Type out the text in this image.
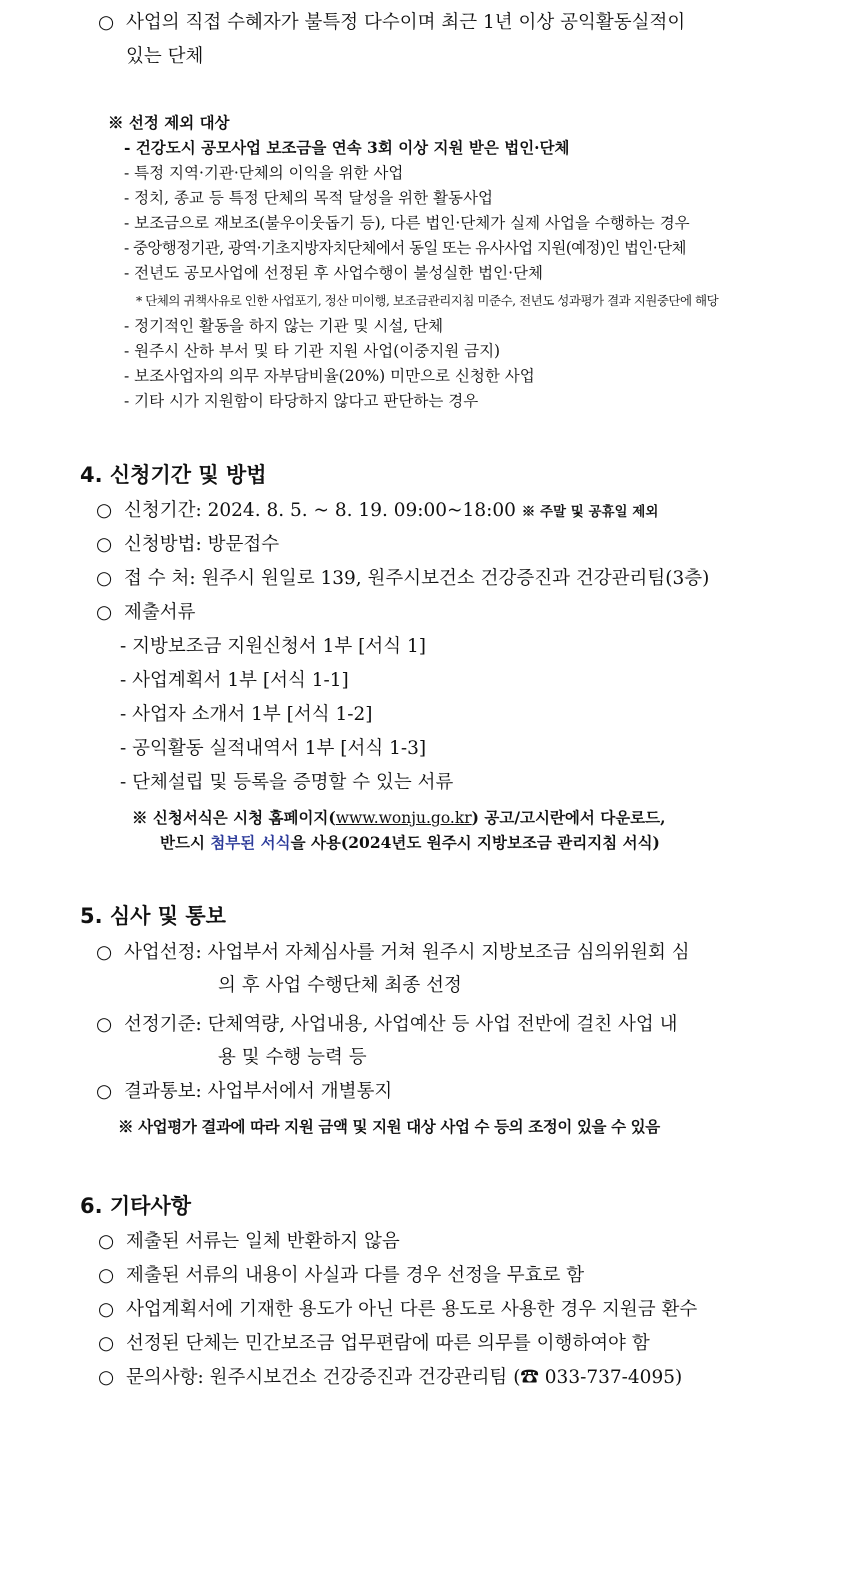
○ 사업의 직접 수혜자가 불특정 다수이며 최근 1년 이상 공익활동실적이
있는 단체
※ 선정 제외 대상
- 건강도시 공모사업 보조금을 연속 3회 이상 지원 받은 법인·단체
- 특정 지역·기관·단체의 이익을 위한 사업
- 정치, 종교 등 특정 단체의 목적 달성을 위한 활동사업
- 보조금으로 재보조(불우이웃돕기 등), 다른 법인·단체가 실제 사업을 수행하는 경우
- 중앙행정기관, 광역·기초지방자치단체에서 동일 또는 유사사업 지원(예정)인 법인·단체
- 전년도 공모사업에 선정된 후 사업수행이 불성실한 법인·단체
* 단체의 귀책사유로 인한 사업포기, 정산 미이행, 보조금관리지침 미준수, 전년도 성과평가 결과 지원중단에 해당
- 정기적인 활동을 하지 않는 기관 및 시설, 단체
- 원주시 산하 부서 및 타 기관 지원 사업(이중지원 금지)
- 보조사업자의 의무 자부담비율(20%) 미만으로 신청한 사업
- 기타 시가 지원함이 타당하지 않다고 판단하는 경우
4. 신청기간 및 방법
○ 신청기간: 2024. 8. 5. ~ 8. 19. 09:00~18:00 ※ 주말 및 공휴일 제외
○ 신청방법: 방문접수
○ 접 수 처: 원주시 원일로 139, 원주시보건소 건강증진과 건강관리팀(3층)
○ 제출서류
- 지방보조금 지원신청서 1부 [서식 1]
- 사업계획서 1부 [서식 1-1]
- 사업자 소개서 1부 [서식 1-2]
- 공익활동 실적내역서 1부 [서식 1-3]
- 단체설립 및 등록을 증명할 수 있는 서류
※ 신청서식은 시청 홈페이지(www.wonju.go.kr) 공고/고시란에서 다운로드,
반드시 첨부된 서식을 사용(2024년도 원주시 지방보조금 관리지침 서식)
5. 심사 및 통보
○ 사업선정: 사업부서 자체심사를 거쳐 원주시 지방보조금 심의위원회 심
의 후 사업 수행단체 최종 선정
○ 선정기준: 단체역량, 사업내용, 사업예산 등 사업 전반에 걸친 사업 내
용 및 수행 능력 등
○ 결과통보: 사업부서에서 개별통지
※ 사업평가 결과에 따라 지원 금액 및 지원 대상 사업 수 등의 조정이 있을 수 있음
6. 기타사항
○ 제출된 서류는 일체 반환하지 않음
○ 제출된 서류의 내용이 사실과 다를 경우 선정을 무효로 함
○ 사업계획서에 기재한 용도가 아닌 다른 용도로 사용한 경우 지원금 환수
○ 선정된 단체는 민간보조금 업무편람에 따른 의무를 이행하여야 함
○ 문의사항: 원주시보건소 건강증진과 건강관리팀 (☎ 033-737-4095)
